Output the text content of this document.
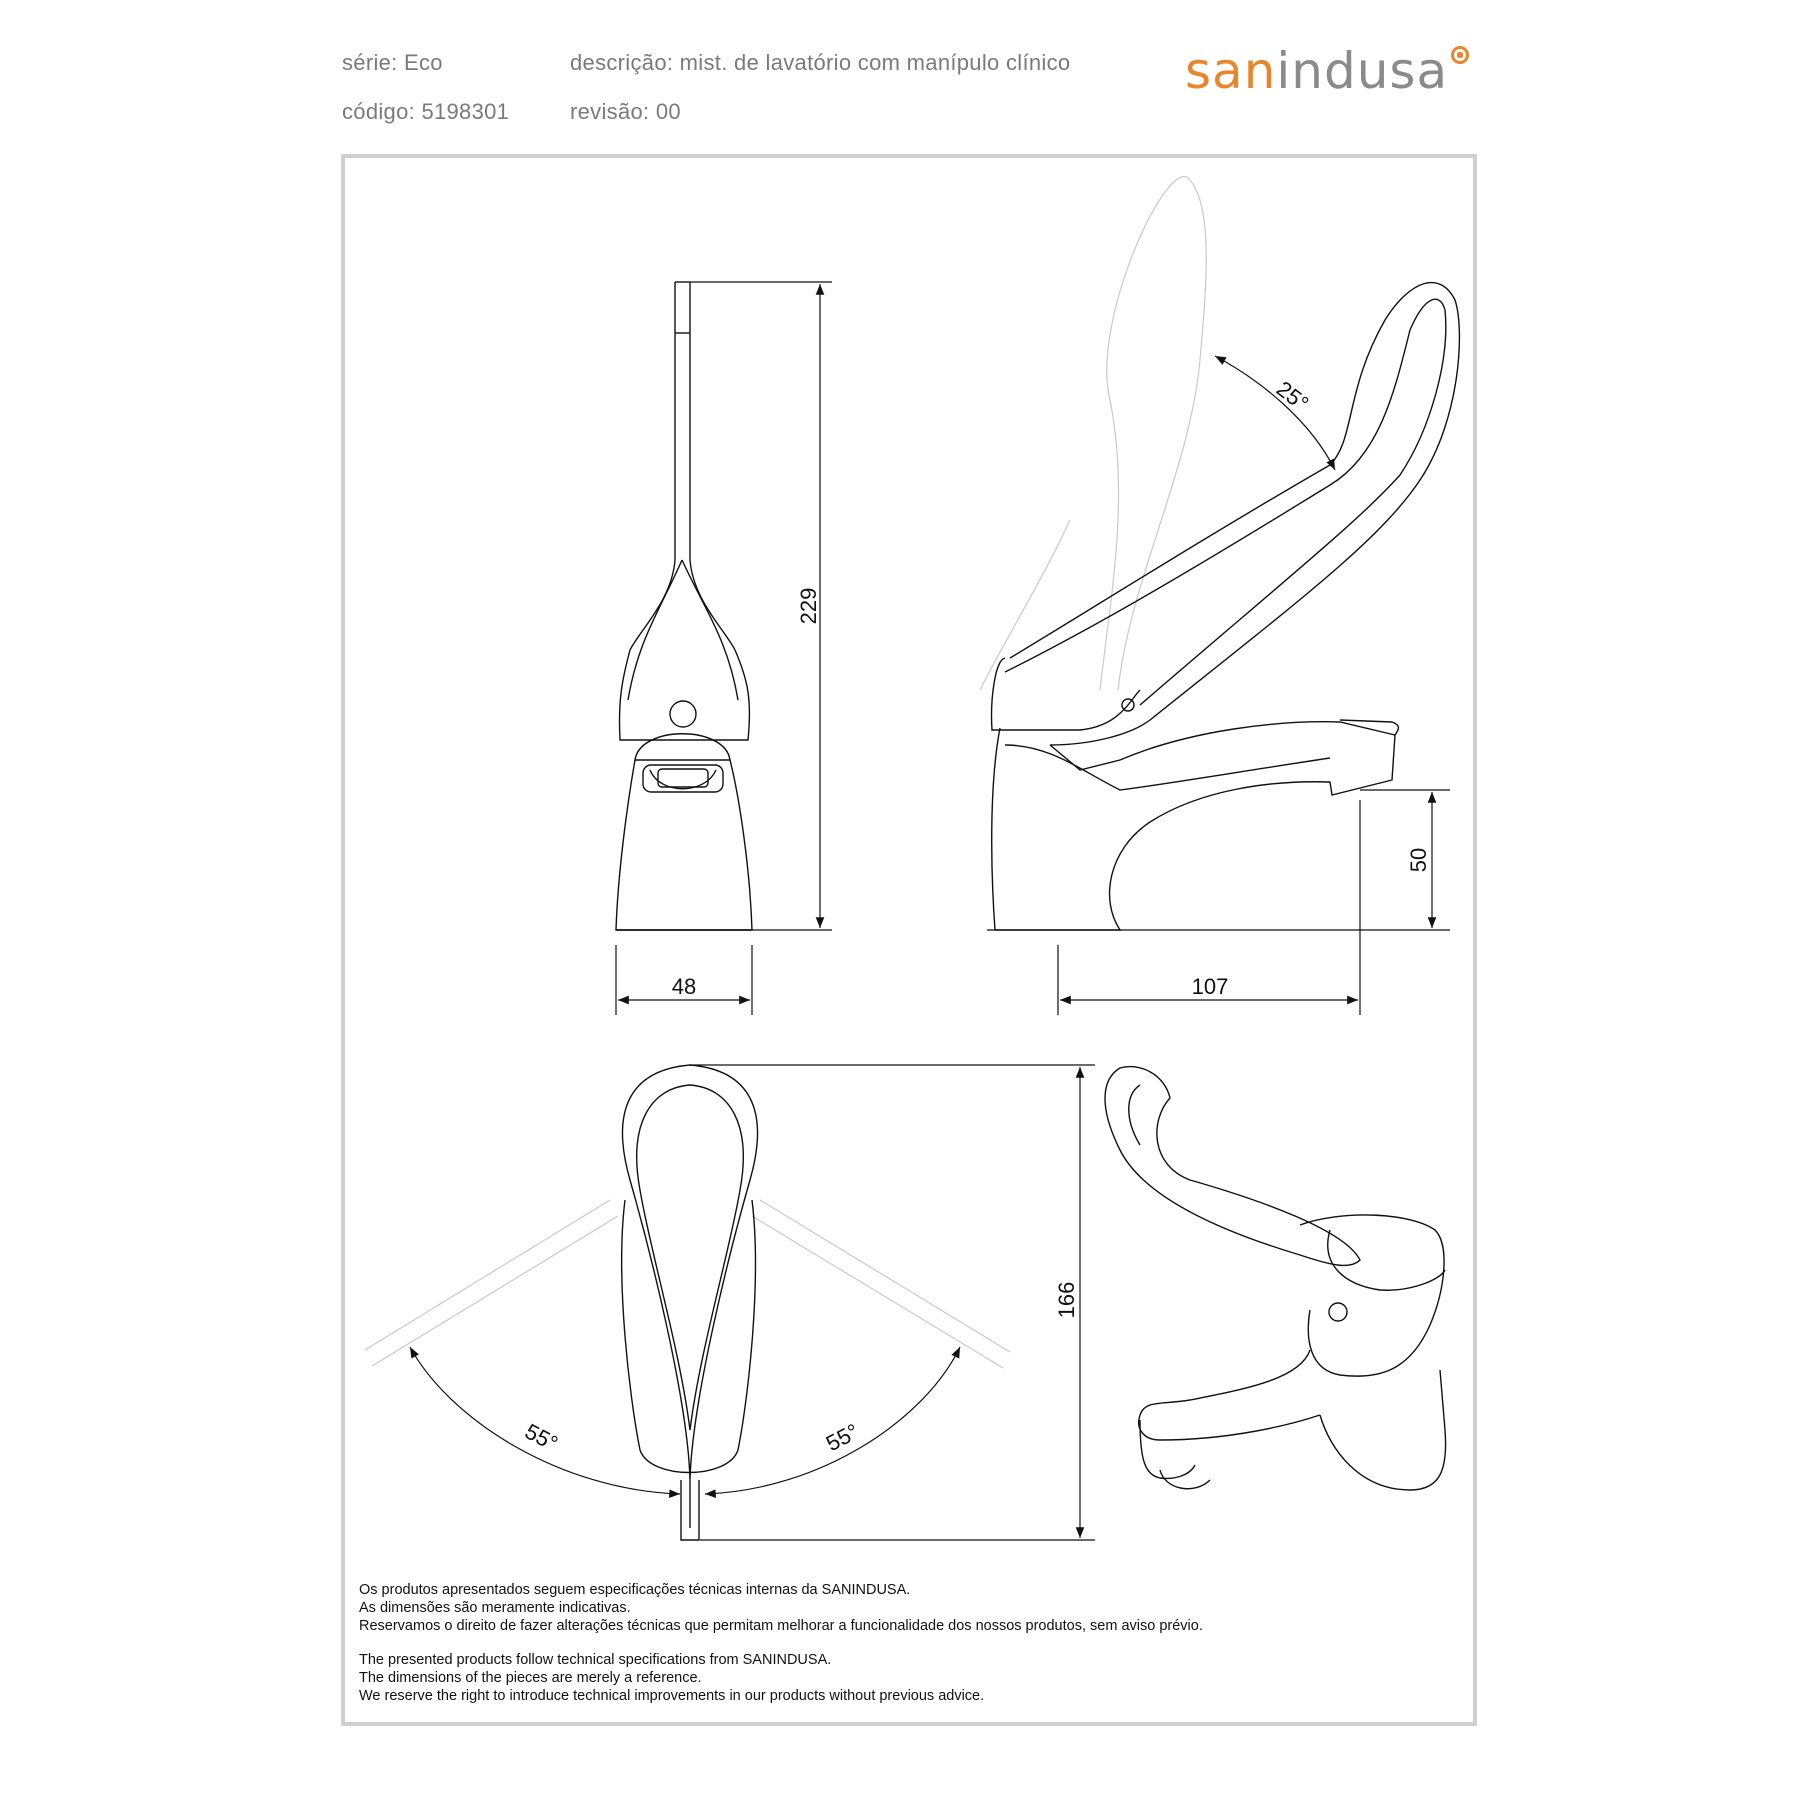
série: Eco
código: 5198301
descrição: mist. de lavatório com manípulo clínico
revisão: 00
sanindusa
229
48
50
107
25°
166
55°	55°
Os produtos apresentados seguem especificações técnicas internas da SANINDUSA.
As dimensões são meramente indicativas.
Reservamos o direito de fazer alterações técnicas que permitam melhorar a funcionalidade dos nossos produtos, sem aviso prévio.
The presented products follow technical specifications from SANINDUSA.
The dimensions of the pieces are merely a reference.
We reserve the right to introduce technical improvements in our products without previous advice.
